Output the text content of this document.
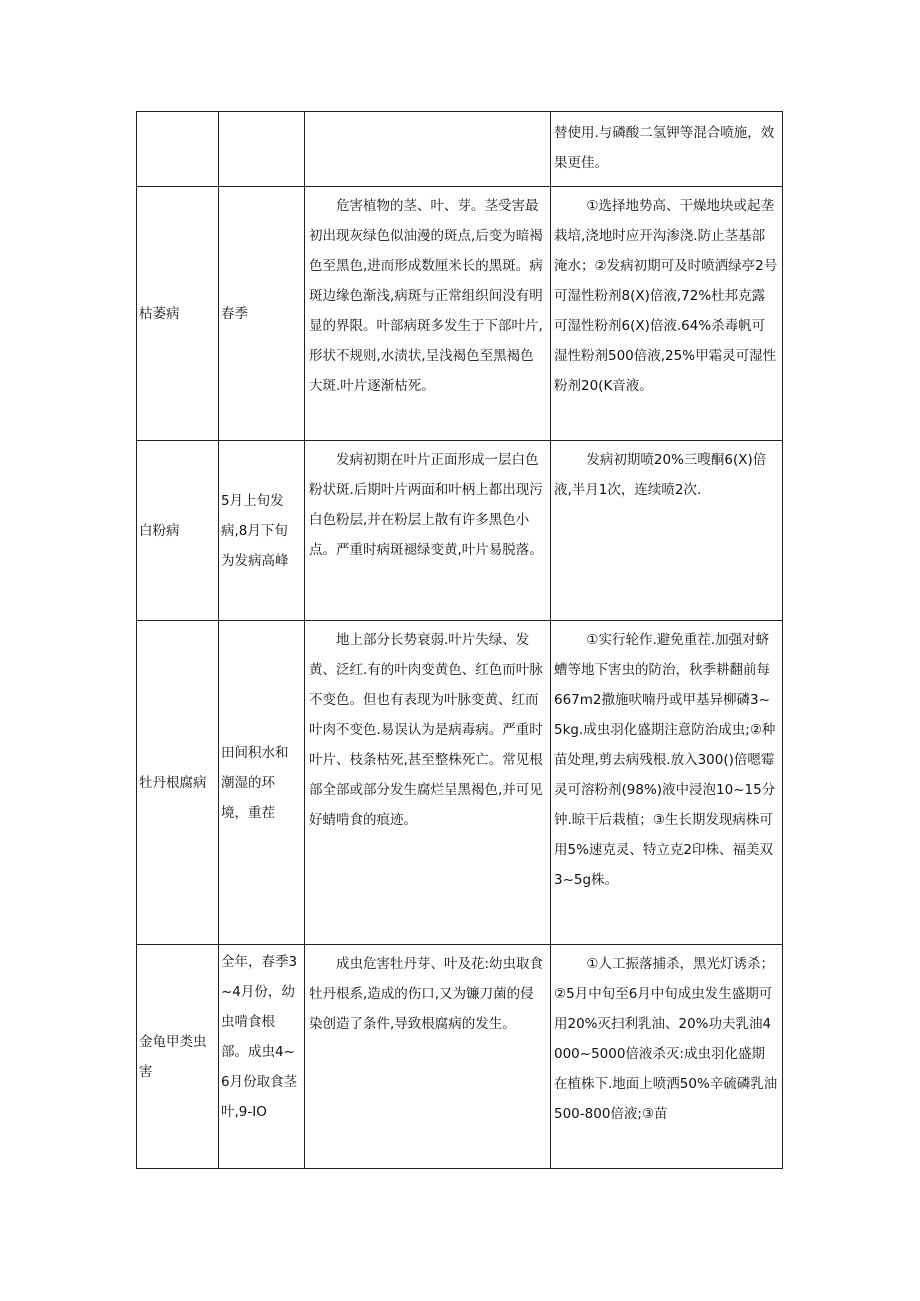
			替使用.与磷酸二氢钾等混合喷施，效果更佳。

枯萎病	春季	危害植物的茎、叶、芽。茎受害最初出现灰绿色似油漫的斑点,后变为暗褐色至黑色,进而形成数厘米长的黑斑。病斑边缘色渐浅,病斑与正常组织间没有明显的界限。叶部病斑多发生于下部叶片,形状不规则,水渍状,呈浅褐色至黑褐色大斑.叶片逐渐枯死。	①选择地势高、干燥地块或起垄栽培,浇地时应开沟渗浇.防止茎基部淹水；②发病初期可及时喷洒绿亭2号可湿性粉剂8(X)倍液,72%杜邦克露可湿性粉剂6(X)倍液.64%杀毒帆可湿性粉剂500倍液,25%甲霜灵可湿性粉剂20(K音液。

白粉病	5月上旬发病,8月下旬为发病高峰	发病初期在叶片正面形成一层白色粉状斑.后期叶片两面和叶柄上都出现污白色粉层,并在粉层上散有许多黑色小点。严重时病斑褪绿变黄,叶片易脱落。	发病初期喷20%三嗖酮6(X)倍液,半月1次，连续喷2次.

牡丹根腐病	田间积水和潮湿的环境，重茬	地上部分长势衰弱.叶片失绿、发黄、泛红.有的叶肉变黄色、红色而叶脉不变色。但也有表现为叶脉变黄、红而叶肉不变色.易误认为是病毒病。严重时叶片、枝条枯死,甚至整株死亡。常见根部全部或部分发生腐烂呈黑褐色,并可见好蜻啃食的痕迹。	①实行轮作.避免重茬.加强对蛴螬等地下害虫的防治，秋季耕翻前每667m2撒施吠喃丹或甲基异柳磷3~5kg.成虫羽化盛期注意防治成虫;②种苗处理,剪去病残根.放入300()倍嗯霉灵可溶粉剂(98%)液中浸泡10~15分钟.晾干后栽植；③生长期发现病株可用5%速克灵、特立克2印株、福美双3~5g株。

金龟甲类虫害	全年，春季3~4月份，幼虫啃食根部。成虫4~6月份取食茎叶,9-IO	成虫危害牡丹芽、叶及花:幼虫取食牡丹根系,造成的伤口,又为镰刀菌的侵染创造了条件,导致根腐病的发生。	①人工振落捕杀，黑光灯诱杀；②5月中旬至6月中旬成虫发生盛期可用20%灭扫利乳油、20%功夫乳油4000~5000倍液杀灭:成虫羽化盛期在植株下.地面上喷洒50%辛硫磷乳油500-800倍液;③苗
